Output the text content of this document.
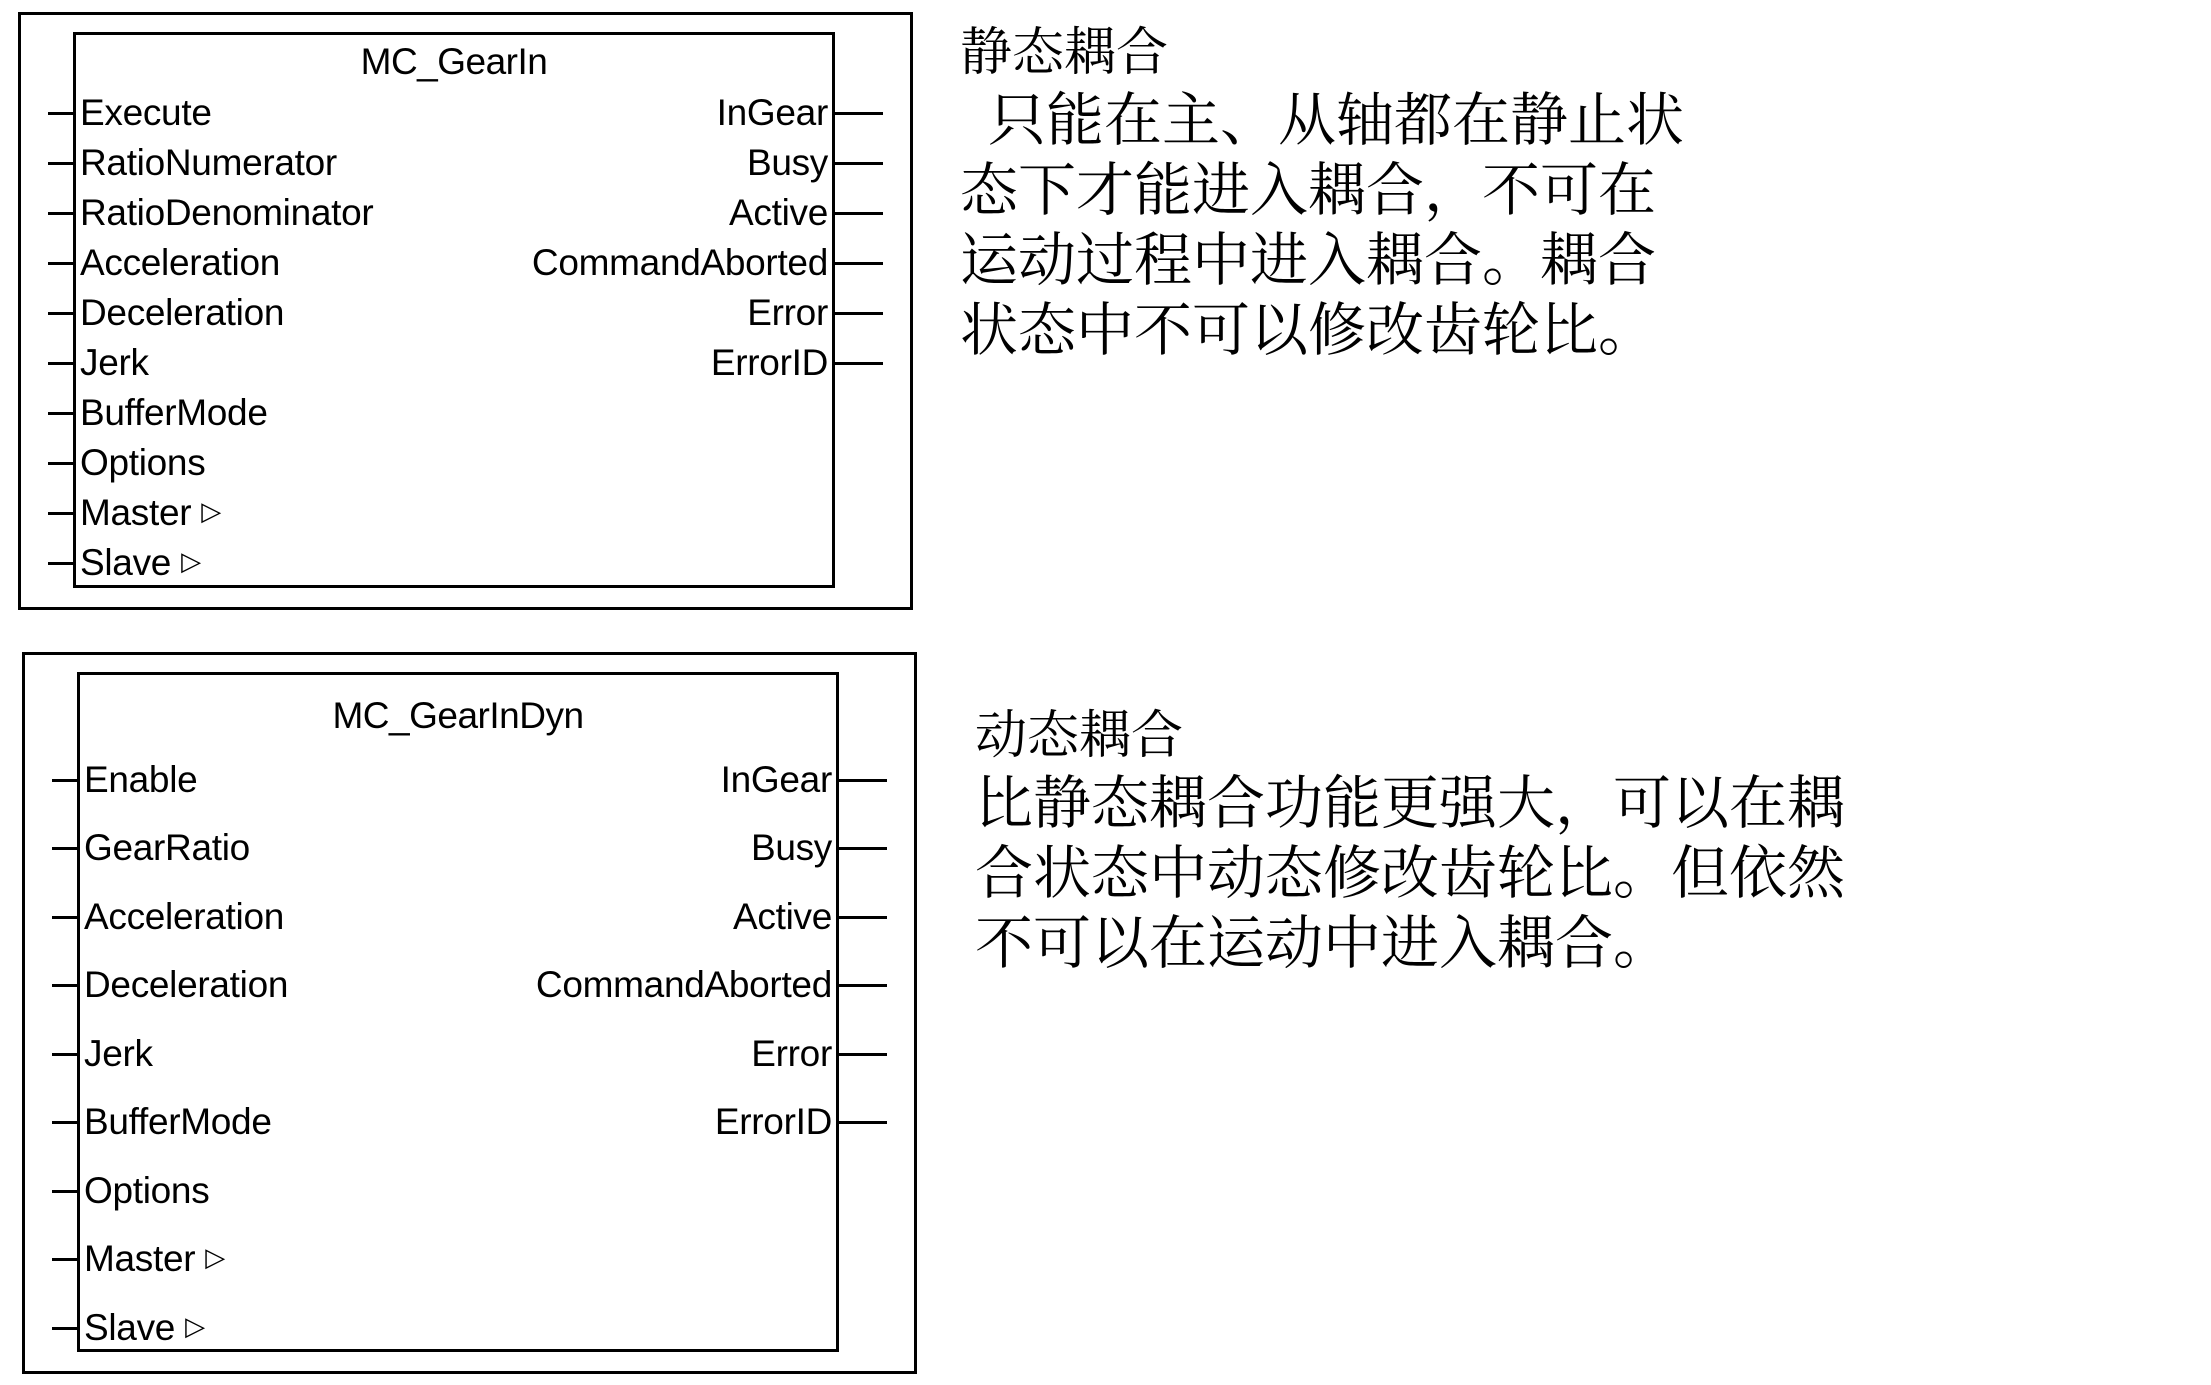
MC_GearIn
Execute
RatioNumerator
RatioDenominator
Acceleration
Deceleration
Jerk
BufferMode
Options
Master ▷
Slave ▷
InGear
Busy
Active
CommandAborted
Error
ErrorID
MC_GearInDyn
Enable
GearRatio
Acceleration
Deceleration
Jerk
BufferMode
Options
Master ▷
Slave ▷
InGear
Busy
Active
CommandAborted
Error
ErrorID
静态耦合
只能在主、从轴都在静止状
态下才能进入耦合，不可在
运动过程中进入耦合。耦合
状态中不可以修改齿轮比。
动态耦合
比静态耦合功能更强大，可以在耦
合状态中动态修改齿轮比。但依然
不可以在运动中进入耦合。
